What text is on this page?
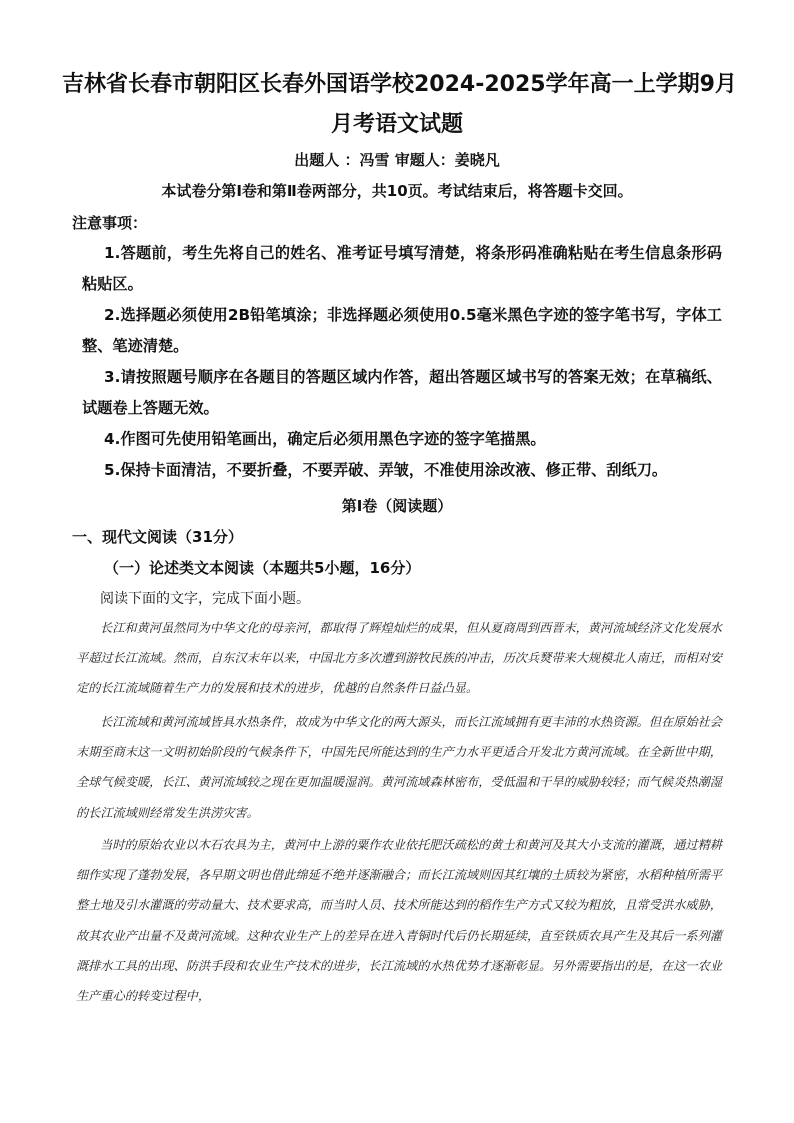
吉林省长春市朝阳区长春外国语学校2024-2025学年高一上学期9月
月考语文试题
出题人 ：冯雪 审题人：姜晓凡
本试卷分第Ⅰ卷和第Ⅱ卷两部分，共10页。考试结束后，将答题卡交回。
注意事项：
1.答题前，考生先将自己的姓名、准考证号填写清楚，将条形码准确粘贴在考生信息条形码粘贴区。
2.选择题必须使用2B铅笔填涂；非选择题必须使用0.5毫米黑色字迹的签字笔书写，字体工整、笔迹清楚。
3.请按照题号顺序在各题目的答题区域内作答，超出答题区域书写的答案无效；在草稿纸、试题卷上答题无效。
4.作图可先使用铅笔画出，确定后必须用黑色字迹的签字笔描黑。
5.保持卡面清洁，不要折叠，不要弄破、弄皱，不准使用涂改液、修正带、刮纸刀。
第Ⅰ卷（阅读题）
一、现代文阅读（31分）
（一）论述类文本阅读（本题共5小题，16分）
阅读下面的文字，完成下面小题。
长江和黄河虽然同为中华文化的母亲河，都取得了辉煌灿烂的成果，但从夏商周到西晋末，黄河流域经济文化发展水平超过长江流域。然而，自东汉末年以来，中国北方多次遭到游牧民族的冲击，历次兵燹带来大规模北人南迁，而相对安定的长江流域随着生产力的发展和技术的进步，优越的自然条件日益凸显。
长江流域和黄河流域皆具水热条件，故成为中华文化的两大源头，而长江流域拥有更丰沛的水热资源。但在原始社会末期至商末这一文明初始阶段的气候条件下，中国先民所能达到的生产力水平更适合开发北方黄河流域。在全新世中期，全球气候变暖，长江、黄河流域较之现在更加温暖湿润。黄河流域森林密布，受低温和干旱的威胁较轻；而气候炎热潮湿的长江流域则经常发生洪涝灾害。
当时的原始农业以木石农具为主，黄河中上游的粟作农业依托肥沃疏松的黄土和黄河及其大小支流的灌溉，通过精耕细作实现了蓬勃发展，各早期文明也借此绵延不绝并逐渐融合；而长江流域则因其红壤的土质较为紧密，水稻种植所需平整土地及引水灌溉的劳动量大、技术要求高，而当时人员、技术所能达到的稻作生产方式又较为粗放，且常受洪水威胁，故其农业产出量不及黄河流域。这种农业生产上的差异在进入青铜时代后仍长期延续，直至铁质农具产生及其后一系列灌溉排水工具的出现、防洪手段和农业生产技术的进步，长江流域的水热优势才逐渐彰显。另外需要指出的是，在这一农业生产重心的转变过程中，
